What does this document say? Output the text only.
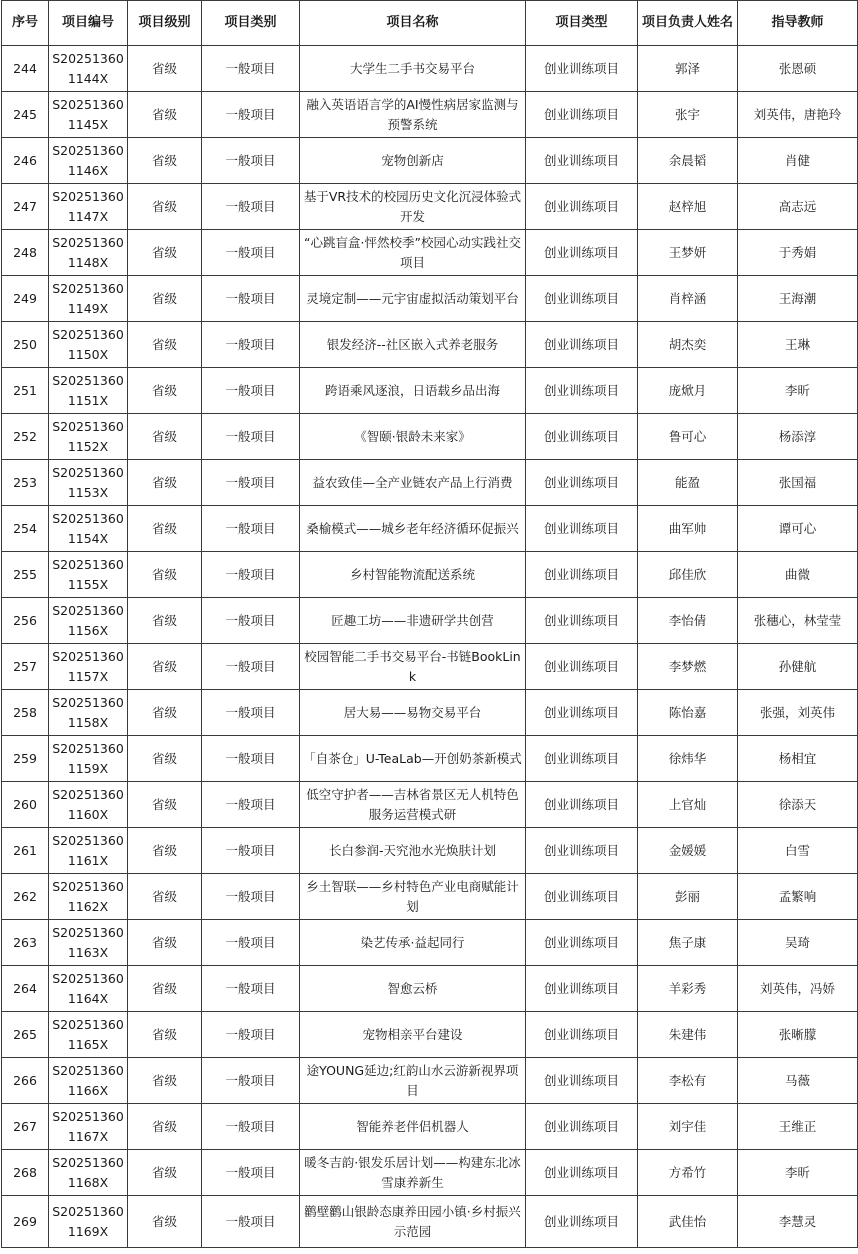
序号	项目编号	项目级别	项目类别	项目名称	项目类型	项目负责人姓名	指导教师
244	S202513601144X	省级	一般项目	大学生二手书交易平台	创业训练项目	郭泽	张恩硕
245	S202513601145X	省级	一般项目	融入英语语言学的AI慢性病居家监测与预警系统	创业训练项目	张宇	刘英伟，唐艳玲
246	S202513601146X	省级	一般项目	宠物创新店	创业训练项目	余晨韬	肖健
247	S202513601147X	省级	一般项目	基于VR技术的校园历史文化沉浸体验式开发	创业训练项目	赵梓旭	高志远
248	S202513601148X	省级	一般项目	“心跳盲盒·怦然校季”校园心动实践社交项目	创业训练项目	王梦妍	于秀娟
249	S202513601149X	省级	一般项目	灵境定制——元宇宙虚拟活动策划平台	创业训练项目	肖梓涵	王海潮
250	S202513601150X	省级	一般项目	银发经济--社区嵌入式养老服务	创业训练项目	胡杰奕	王琳
251	S202513601151X	省级	一般项目	跨语乘风逐浪，日语载乡品出海	创业训练项目	庞焮月	李昕
252	S202513601152X	省级	一般项目	《智颐·银龄未来家》	创业训练项目	鲁可心	杨添淳
253	S202513601153X	省级	一般项目	益农致佳—全产业链农产品上行消费	创业训练项目	能盈	张国福
254	S202513601154X	省级	一般项目	桑榆模式——城乡老年经济循环促振兴	创业训练项目	曲军帅	谭可心
255	S202513601155X	省级	一般项目	乡村智能物流配送系统	创业训练项目	邱佳欣	曲微
256	S202513601156X	省级	一般项目	匠趣工坊——非遗研学共创营	创业训练项目	李怡倩	张穗心，林莹莹
257	S202513601157X	省级	一般项目	校园智能二手书交易平台-书链BookLink	创业训练项目	李梦燃	孙健航
258	S202513601158X	省级	一般项目	居大易——易物交易平台	创业训练项目	陈怡嘉	张强，刘英伟
259	S202513601159X	省级	一般项目	「自茶仓」U-TeaLab—开创奶茶新模式	创业训练项目	徐炜华	杨相宜
260	S202513601160X	省级	一般项目	低空守护者——吉林省景区无人机特色服务运营模式研	创业训练项目	上官灿	徐添天
261	S202513601161X	省级	一般项目	长白参润-天究池水光焕肤计划	创业训练项目	金媛媛	白雪
262	S202513601162X	省级	一般项目	乡土智联——乡村特色产业电商赋能计划	创业训练项目	彭丽	孟繁响
263	S202513601163X	省级	一般项目	染艺传承·益起同行	创业训练项目	焦子康	吴琦
264	S202513601164X	省级	一般项目	智愈云桥	创业训练项目	羊彩秀	刘英伟，冯娇
265	S202513601165X	省级	一般项目	宠物相亲平台建设	创业训练项目	朱建伟	张晰朦
266	S202513601166X	省级	一般项目	途YOUNG延边;红韵山水云游新视界项目	创业训练项目	李松有	马薇
267	S202513601167X	省级	一般项目	智能养老伴侣机器人	创业训练项目	刘宇佳	王维正
268	S202513601168X	省级	一般项目	暖冬吉韵·银发乐居计划——构建东北冰雪康养新生	创业训练项目	方希竹	李昕
269	S202513601169X	省级	一般项目	鹳壁鹳山银龄态康养田园小镇·乡村振兴示范园	创业训练项目	武佳怡	李慧灵
